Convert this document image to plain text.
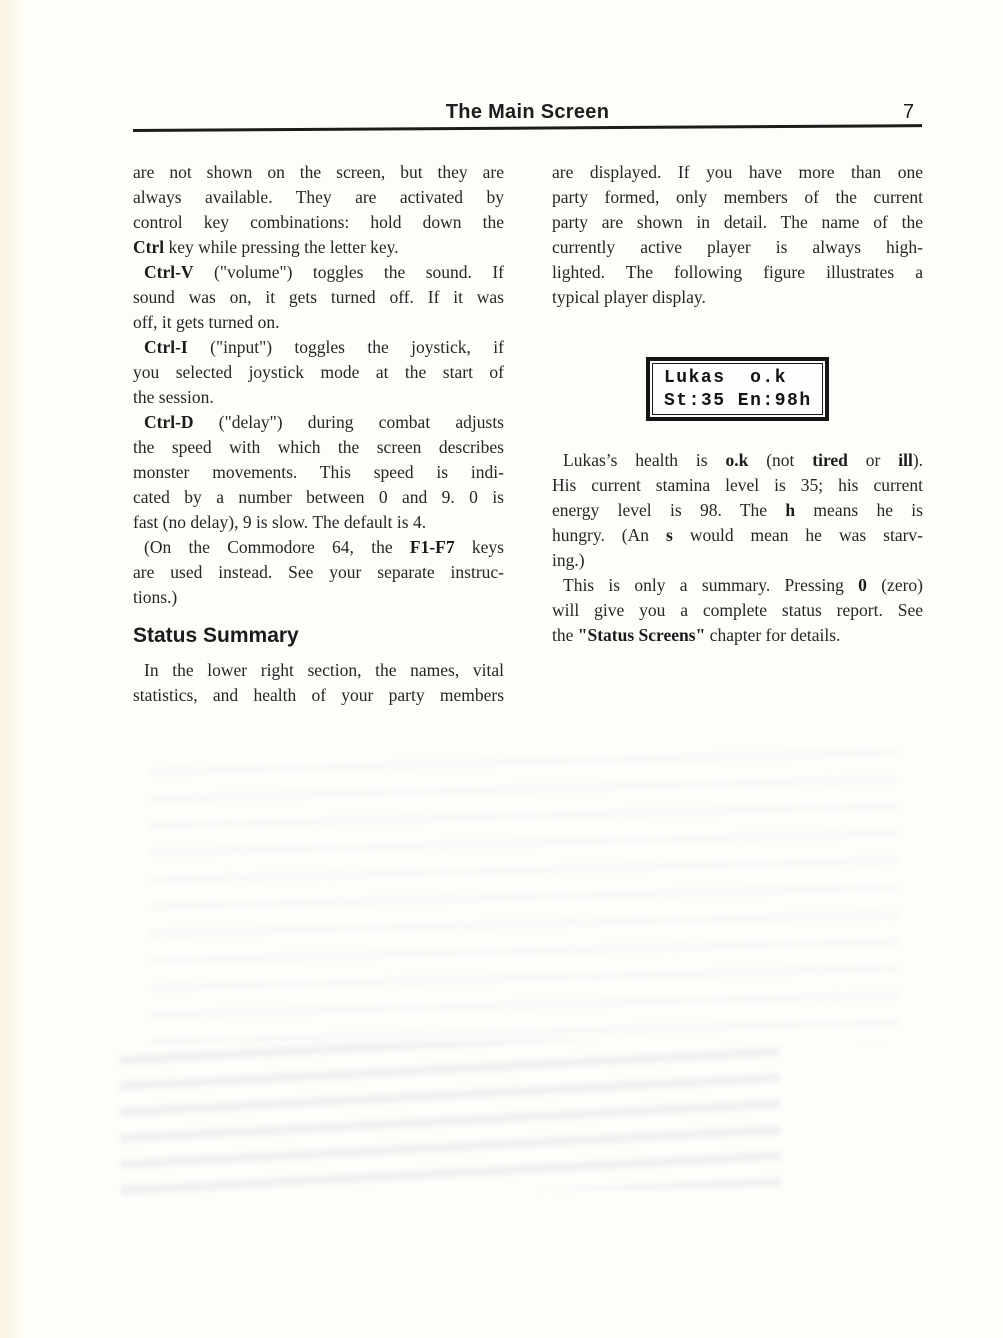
The Main Screen	7
are not shown on the screen, but they are
always available. They are activated by
control key combinations: hold down the
Ctrl key while pressing the letter key.
Ctrl-V ("volume") toggles the sound. If
sound was on, it gets turned off. If it was
off, it gets turned on.
Ctrl-I ("input") toggles the joystick, if
you selected joystick mode at the start of
the session.
Ctrl-D ("delay") during combat adjusts
the speed with which the screen describes
monster movements. This speed is indi-
cated by a number between 0 and 9. 0 is
fast (no delay), 9 is slow. The default is 4.
(On the Commodore 64, the F1-F7 keys
are used instead. See your separate instruc-
tions.)
Status Summary
In the lower right section, the names, vital
statistics, and health of your party members
are displayed. If you have more than one
party formed, only members of the current
party are shown in detail. The name of the
currently active player is always high-
lighted. The following figure illustrates a
typical player display.
Lukas  o.k
St:35 En:98h
Lukas’s health is o.k (not tired or ill).
His current stamina level is 35; his current
energy level is 98. The h means he is
hungry. (An s would mean he was starv-
ing.)
This is only a summary. Pressing 0 (zero)
will give you a complete status report. See
the "Status Screens" chapter for details.
